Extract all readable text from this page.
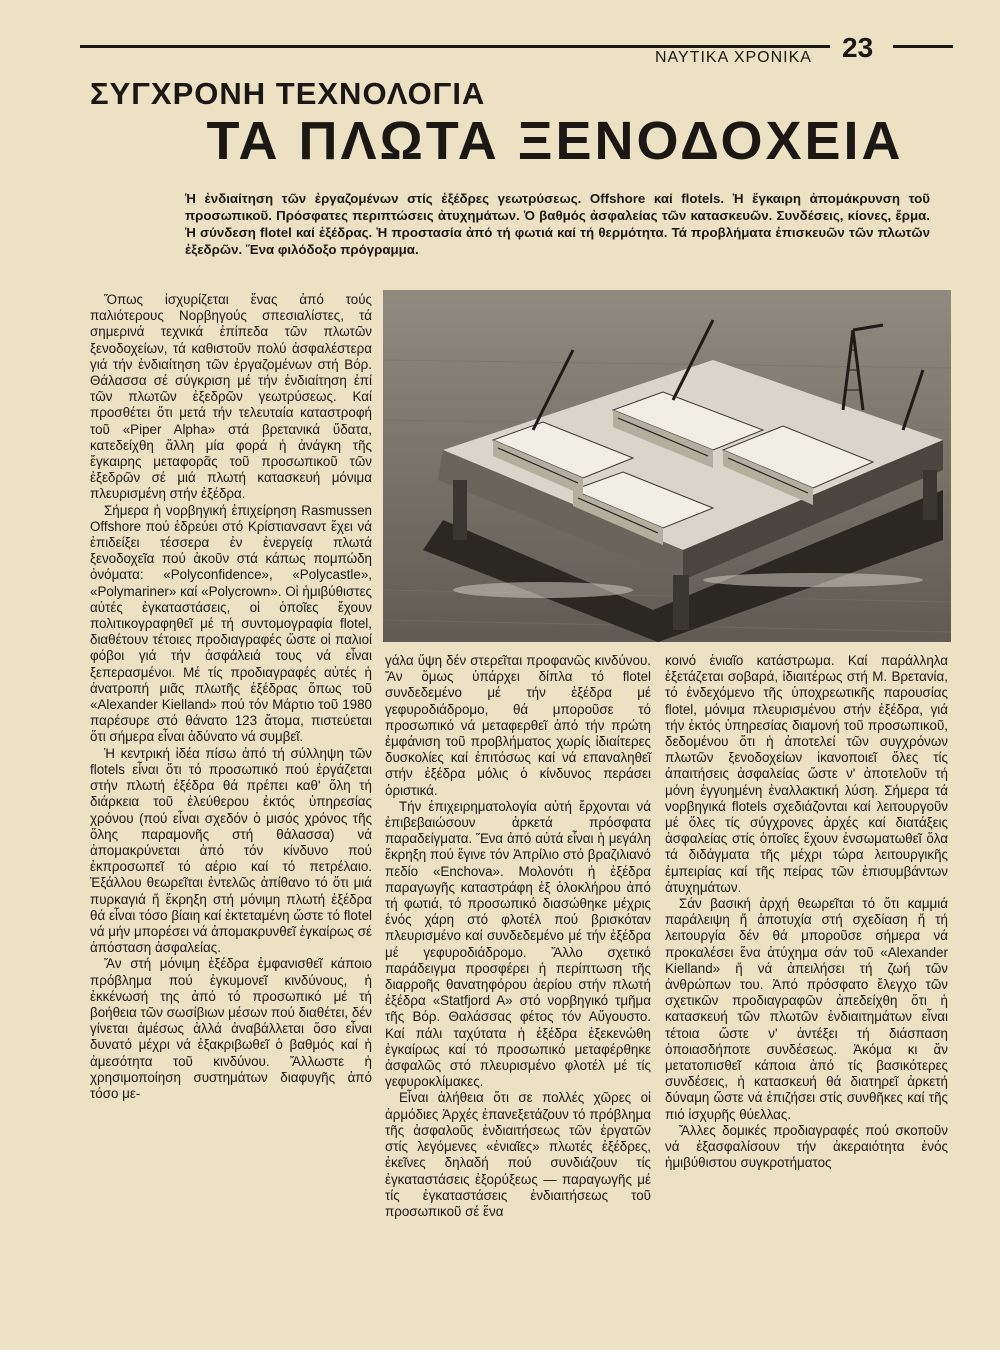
ΝΑΥΤΙΚΑ ΧΡΟΝΙΚΑ 23
ΣΥΓΧΡΟΝΗ ΤΕΧΝΟΛΟΓΙΑ
ΤΑ ΠΛΩΤΑ ΞΕΝΟΔΟΧΕΙΑ

Ἡ ἐνδιαίτηση τῶν ἐργαζομένων στίς ἐξέδρες γεωτρύσεως. Offshore καί flotels. Ἡ ἔγκαιρη ἀπομάκρυνση τοῦ προσωπικοῦ. Πρόσφατες περιπτώσεις ἀτυχημάτων. Ὁ βαθμός ἀσφαλείας τῶν κατασκευῶν. Συνδέσεις, κίονες, ἔρμα. Ἡ σύνδεση flotel καί ἐξέδρας. Ἡ προστασία ἀπό τή φωτιά καί τή θερμότητα. Τά προβλήματα ἐπισκευῶν τῶν πλωτῶν ἐξεδρῶν. Ἕνα φιλόδοξο πρόγραμμα.

Ὅπως ἰσχυρίζεται ἕνας ἀπό τούς παλιότερους Νορβηγούς σπεσιαλίστες, τά σημερινά τεχνικά ἐπίπεδα τῶν πλωτῶν ξενοδοχείων, τά καθιστοῦν πολύ ἀσφαλέστερα γιά τήν ἐνδιαίτηση τῶν ἐργαζομένων στή Βόρ. Θάλασσα σέ σύγκριση μέ τήν ἐνδιαίτηση ἐπί τῶν πλωτῶν ἐξεδρῶν γεωτρύσεως. Καί προσθέτει ὅτι μετά τήν τελευταία καταστροφή τοῦ «Piper Alpha» στά βρετανικά ὕδατα, κατεδείχθη ἄλλη μία φορά ἡ ἀνάγκη τῆς ἔγκαιρης μεταφορᾶς τοῦ προσωπικοῦ τῶν ἐξεδρῶν σέ μιά πλωτή κατασκευή μόνιμα πλευρισμένη στήν ἐξέδρα.

Σήμερα ἡ νορβηγική ἐπιχείρηση Rasmussen Offshore πού ἑδρεύει στό Κρίστιανσαντ ἔχει νά ἐπιδείξει τέσσερα ἐν ἐνεργείᾳ πλωτά ξενοδοχεῖα πού ἀκοῦν στά κάπως πομπώδη ὀνόματα: «Polyconfidence», «Polycastle», «Polymariner» καί «Polycrown». Οἱ ἡμιβύθιστες αὐτές ἐγκαταστάσεις, οἱ ὁποῖες ἔχουν πολιτικογραφηθεῖ μέ τή συντομογραφία flotel, διαθέτουν τέτοιες προδιαγραφές ὥστε οἱ παλιοί φόβοι γιά τήν ἀσφάλειά τους νά εἶναι ξεπερασμένοι. Μέ τίς προδιαγραφές αὐτές ἡ ἀνατροπή μιᾶς πλωτῆς ἐξέδρας ὅπως τοῦ «Alexander Kielland» πού τόν Μάρτιο τοῦ 1980 παρέσυρε στό θάνατο 123 ἄτομα, πιστεύεται ὅτι σήμερα εἶναι ἀδύνατο νά συμβεῖ.

Ἡ κεντρική ἰδέα πίσω ἀπό τή σύλληψη τῶν flotels εἶναι ὅτι τό προσωπικό πού ἐργάζεται στήν πλωτή ἐξέδρα θά πρέπει καθ' ὅλη τή διάρκεια τοῦ ἐλεύθερου ἐκτός ὑπηρεσίας χρόνου (πού εἶναι σχεδόν ὁ μισός χρόνος τῆς ὅλης παραμονῆς στή θάλασσα) νά ἀπομακρύνεται ἀπό τόν κίνδυνο πού ἐκπροσωπεῖ τό αέριο καί τό πετρέλαιο. Ἐξάλλου θεωρεῖται ἐντελῶς ἀπίθανο τό ὅτι μιά πυρκαγιά ἤ ἔκρηξη στή μόνιμη πλωτή ἐξέδρα θά εἶναι τόσο βίαιη καί ἐκτεταμένη ὥστε τό flotel νά μήν μπορέσει νά ἀπομακρυνθεῖ ἐγκαίρως σέ ἀπόσταση ἀσφαλείας.

Ἄν στή μόνιμη ἐξέδρα ἐμφανισθεῖ κάποιο πρόβλημα πού ἐγκυμονεῖ κινδύνους, ἡ ἐκκένωσή της ἀπό τό προσωπικό μέ τή βοήθεια τῶν σωσίβιων μέσων πού διαθέτει, δέν γίνεται ἀμέσως ἀλλά ἀναβάλλεται ὅσο εἶναι δυνατό μέχρι νά ἐξακριβωθεῖ ὁ βαθμός καί ἡ ἀμεσότητα τοῦ κινδύνου. Ἄλλωστε ἡ χρησιμοποίηση συστημάτων διαφυγῆς ἀπό τόσο με-

γάλα ὕψη δέν στερεῖται προφανῶς κινδύνου. Ἄν ὅμως ὑπάρχει δίπλα τό flotel συνδεδεμένο μέ τήν ἐξέδρα μέ γεφυροδιάδρομο, θά μποροῦσε τό προσωπικό νά μεταφερθεῖ ἀπό τήν πρώτη ἐμφάνιση τοῦ προβλήματος χωρίς ἰδιαίτερες δυσκολίες καί ἐπιτόσως καί νά επαναληθεῖ στήν ἐξέδρα μόλις ὁ κίνδυνος περάσει ὁριστικά.

Τήν ἐπιχειρηματολογία αὐτή ἔρχονται νά ἐπιβεβαιώσουν ἀρκετά πρόσφατα παραδείγματα. Ἕνα ἀπό αὐτά εἶναι ἡ μεγάλη ἔκρηξη πού ἔγινε τόν Ἀπρίλιο στό βραζιλιανό πεδίο «Enchova». Μολονότι ἡ ἐξέδρα παραγωγῆς καταστράφη ἐξ ὁλοκλήρου ἀπό τή φωτιά, τό προσωπικό διασώθηκε μέχρις ἑνός χάρη στό φλοτέλ πού βρισκόταν πλευρισμένο καί συνδεδεμένο μέ τήν ἐξέδρα μέ γεφυροδιάδρομο. Ἄλλο σχετικό παράδειγμα προσφέρει ἡ περίπτωση τῆς διαρροῆς θανατηφόρου ἀερίου στήν πλωτή ἐξέδρα «Statfjord A» στό νορβηγικό τμῆμα τῆς Βόρ. Θαλάσσας φέτος τόν Αὔγουστο. Καί πάλι ταχύτατα ἡ ἐξέδρα ἐξεκενώθη ἐγκαίρως καί τό προσωπικό μεταφέρθηκε ἀσφαλῶς στό πλευρισμένο φλοτέλ μέ τίς γεφυροκλίμακες.

Εἶναι ἀλήθεια ὅτι σε πολλές χῶρες οἱ ἁρμόδιες Ἀρχές ἐπανεξετάζουν τό πρόβλημα τῆς ἀσφαλοῦς ἐνδιαιτήσεως τῶν ἐργατῶν στίς λεγόμενες «ἑνιαῖες» πλωτές ἐξέδρες, ἐκεῖνες δηλαδή πού συνδιάζουν τίς ἐγκαταστάσεις ἐξορύξεως — παραγωγῆς μέ τίς ἐγκαταστάσεις ἐνδιαιτήσεως τοῦ προσωπικοῦ σέ ἕνα

κοινό ἑνιαῖο κατάστρωμα. Καί παράλληλα ἐξετάζεται σοβαρά, ἰδιαιτέρως στή Μ. Βρετανία, τό ἐνδεχόμενο τῆς ὑποχρεωτικῆς παρουσίας flotel, μόνιμα πλευρισμένου στήν ἐξέδρα, γιά τήν ἐκτός ὑπηρεσίας διαμονή τοῦ προσωπικοῦ, δεδομένου ὅτι ἡ ἀποτελεί τῶν συγχρόνων πλωτῶν ξενοδοχείων ἱκανοποιεῖ ὅλες τίς ἀπαιτήσεις ἀσφαλείας ὥστε ν' ἀποτελοῦν τή μόνη ἐγγυημένη ἐναλλακτική λύση. Σήμερα τά νορβηγικά flotels σχεδιάζονται καί λειτουργοῦν μέ ὅλες τίς σύγχρονες ἀρχές καί διατάξεις ἀσφαλείας στίς ὁποῖες ἔχουν ἐνσωματωθεῖ ὅλα τά διδάγματα τῆς μέχρι τώρα λειτουργικῆς ἐμπειρίας καί τῆς πείρας τῶν ἐπισυμβάντων ἀτυχημάτων.

Σάν βασική ἀρχή θεωρεῖται τό ὅτι καμμιά παράλειψη ἤ ἀποτυχία στή σχεδίαση ἤ τή λειτουργία δέν θά μποροῦσε σήμερα νά προκαλέσει ἕνα ἀτύχημα σάν τοῦ «Alexander Kielland» ἤ νά ἀπειλήσει τή ζωή τῶν ἀνθρώπων του. Ἀπό πρόσφατο ἔλεγχο τῶν σχετικῶν προδιαγραφῶν ἀπεδείχθη ὅτι ἡ κατασκευή τῶν πλωτῶν ἐνδιαιτημάτων εἶναι τέτοια ὥστε ν' ἀντέξει τή διάσπαση ὁποιασδήποτε συνδέσεως. Ἀκόμα κι ἄν μετατοπισθεῖ κάποια ἀπό τίς βασικότερες συνδέσεις, ἡ κατασκευή θά διατηρεῖ ἀρκετή δύναμη ὥστε νά ἐπιζήσει στίς συνθῆκες καί τῆς πιό ἰσχυρῆς θύελλας.

Ἄλλες δομικές προδιαγραφές πού σκοποῦν νά ἐξασφαλίσουν τήν ἀκεραιότητα ἑνός ἡμιβύθιστου συγκροτήματος
